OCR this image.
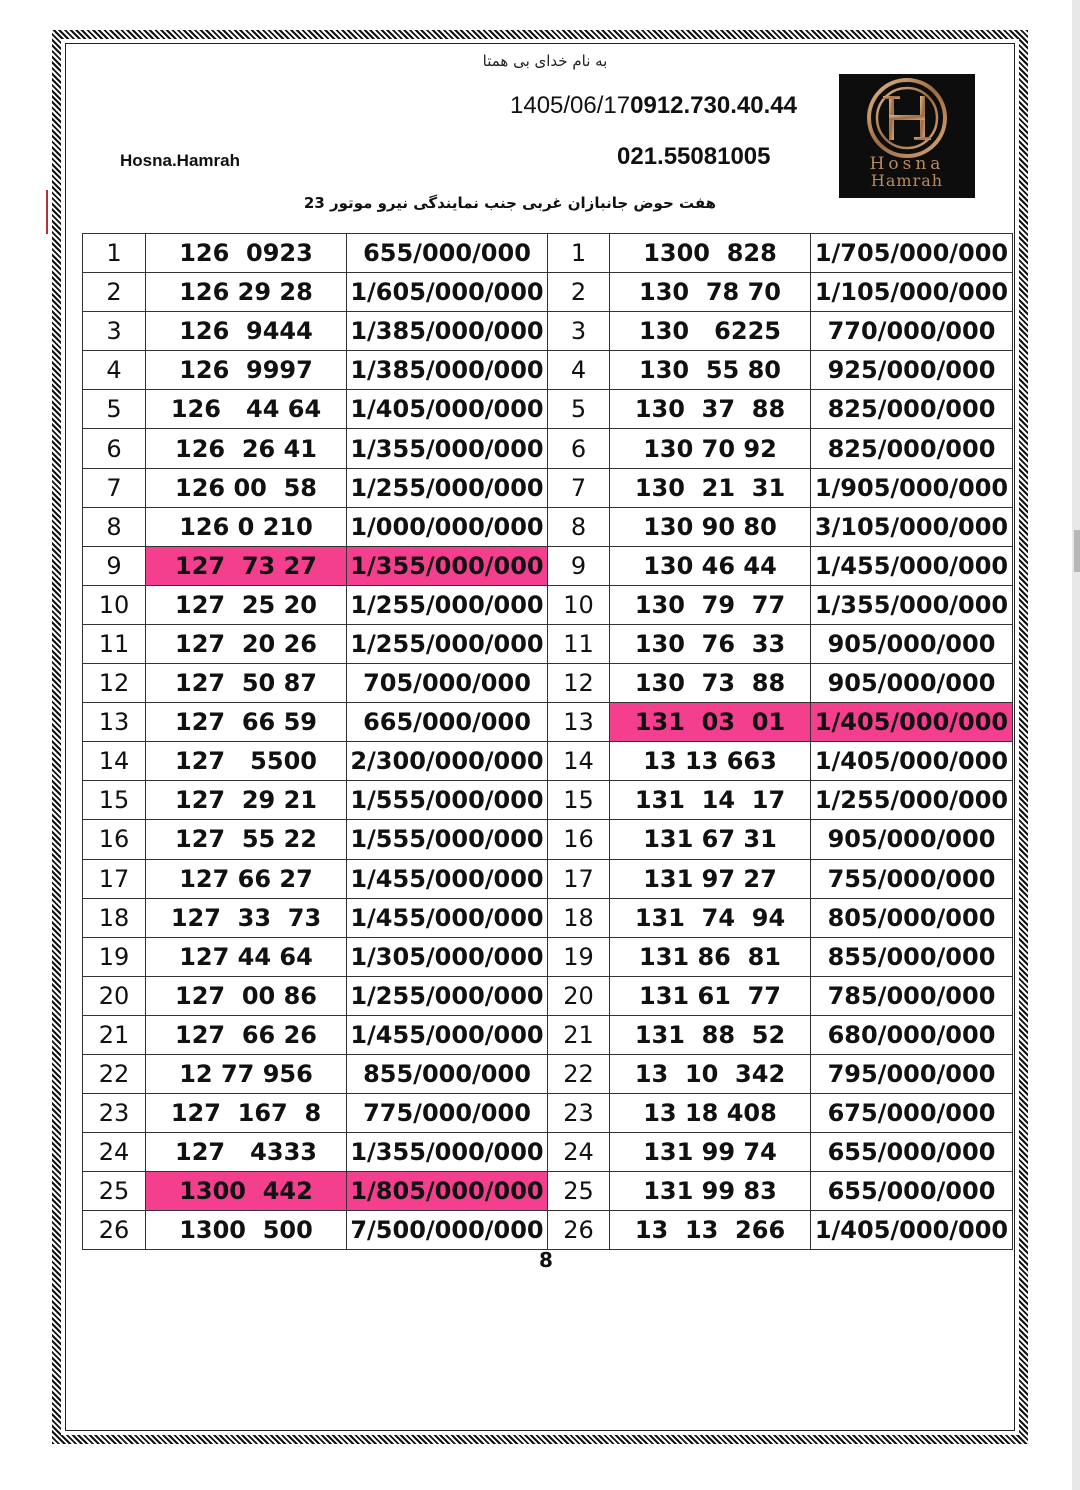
به نام خدای بی همتا
1405/06/170912.730.40.44
021.55081005
Hosna.Hamrah	Hosna
Hamrah
هفت حوض جانبازان غربی جنب نمایندگی نیرو موتور 23
1	126  0923	655/000/000	1	1300  828	1/705/000/000
2	126 29 28	1/605/000/000	2	130  78 70	1/105/000/000
3	126  9444	1/385/000/000	3	130   6225	770/000/000
4	126  9997	1/385/000/000	4	130  55 80	925/000/000
5	126   44 64	1/405/000/000	5	130  37  88	825/000/000
6	126  26 41	1/355/000/000	6	130 70 92	825/000/000
7	126 00  58	1/255/000/000	7	130  21  31	1/905/000/000
8	126 0 210	1/000/000/000	8	130 90 80	3/105/000/000
9	127  73 27	1/355/000/000	9	130 46 44	1/455/000/000
10	127  25 20	1/255/000/000	10	130  79  77	1/355/000/000
11	127  20 26	1/255/000/000	11	130  76  33	905/000/000
12	127  50 87	705/000/000	12	130  73  88	905/000/000
13	127  66 59	665/000/000	13	131  03  01	1/405/000/000
14	127   5500	2/300/000/000	14	13 13 663	1/405/000/000
15	127  29 21	1/555/000/000	15	131  14  17	1/255/000/000
16	127  55 22	1/555/000/000	16	131 67 31	905/000/000
17	127 66 27	1/455/000/000	17	131 97 27	755/000/000
18	127  33  73	1/455/000/000	18	131  74  94	805/000/000
19	127 44 64	1/305/000/000	19	131 86  81	855/000/000
20	127  00 86	1/255/000/000	20	131 61  77	785/000/000
21	127  66 26	1/455/000/000	21	131  88  52	680/000/000
22	12 77 956	855/000/000	22	13  10  342	795/000/000
23	127  167  8	775/000/000	23	13 18 408	675/000/000
24	127   4333	1/355/000/000	24	131 99 74	655/000/000
25	1300  442	1/805/000/000	25	131 99 83	655/000/000
26	1300  500	7/500/000/000	26	13  13  266	1/405/000/000
8
